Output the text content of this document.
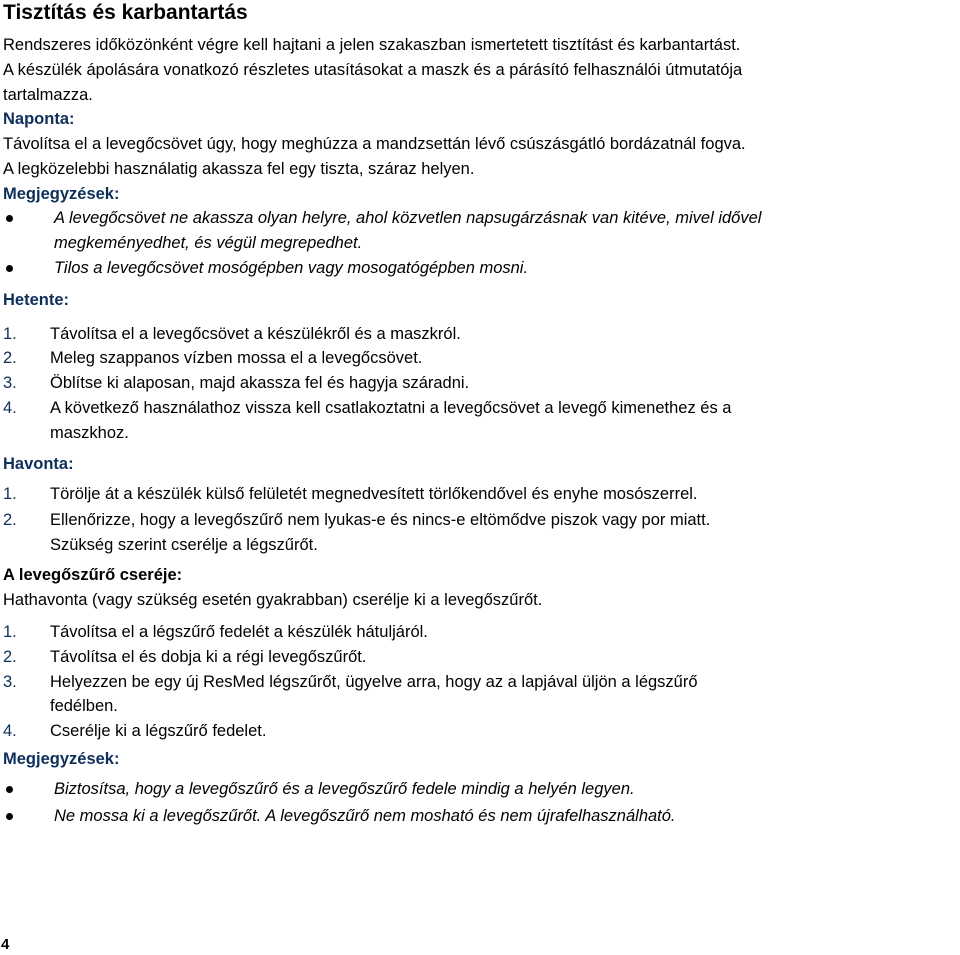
Tisztítás és karbantartás
Rendszeres időközönként végre kell hajtani a jelen szakaszban ismertetett tisztítást és karbantartást.
A készülék ápolására vonatkozó részletes utasításokat a maszk és a párásító felhasználói útmutatója
tartalmazza.
Naponta:
Távolítsa el a levegőcsövet úgy, hogy meghúzza a mandzsettán lévő csúszásgátló bordázatnál fogva.
A legközelebbi használatig akassza fel egy tiszta, száraz helyen.
Megjegyzések:
A levegőcsövet ne akassza olyan helyre, ahol közvetlen napsugárzásnak van kitéve, mivel idővel
megkeményedhet, és végül megrepedhet.
Tilos a levegőcsövet mosógépben vagy mosogatógépben mosni.
Hetente:
1. Távolítsa el a levegőcsövet a készülékről és a maszkról.
2. Meleg szappanos vízben mossa el a levegőcsövet.
3. Öblítse ki alaposan, majd akassza fel és hagyja száradni.
4. A következő használathoz vissza kell csatlakoztatni a levegőcsövet a levegő kimenethez és a
maszkhoz.
Havonta:
1. Törölje át a készülék külső felületét megnedvesített törlőkendővel és enyhe mosószerrel.
2. Ellenőrizze, hogy a levegőszűrő nem lyukas-e és nincs-e eltömődve piszok vagy por miatt.
Szükség szerint cserélje a légszűrőt.
A levegőszűrő cseréje:
Hathavonta (vagy szükség esetén gyakrabban) cserélje ki a levegőszűrőt.
1. Távolítsa el a légszűrő fedelét a készülék hátuljáról.
2. Távolítsa el és dobja ki a régi levegőszűrőt.
3. Helyezzen be egy új ResMed légszűrőt, ügyelve arra, hogy az a lapjával üljön a légszűrő
fedélben.
4. Cserélje ki a légszűrő fedelet.
Megjegyzések:
Biztosítsa, hogy a levegőszűrő és a levegőszűrő fedele mindig a helyén legyen.
Ne mossa ki a levegőszűrőt. A levegőszűrő nem mosható és nem újrafelhasználható.
4
